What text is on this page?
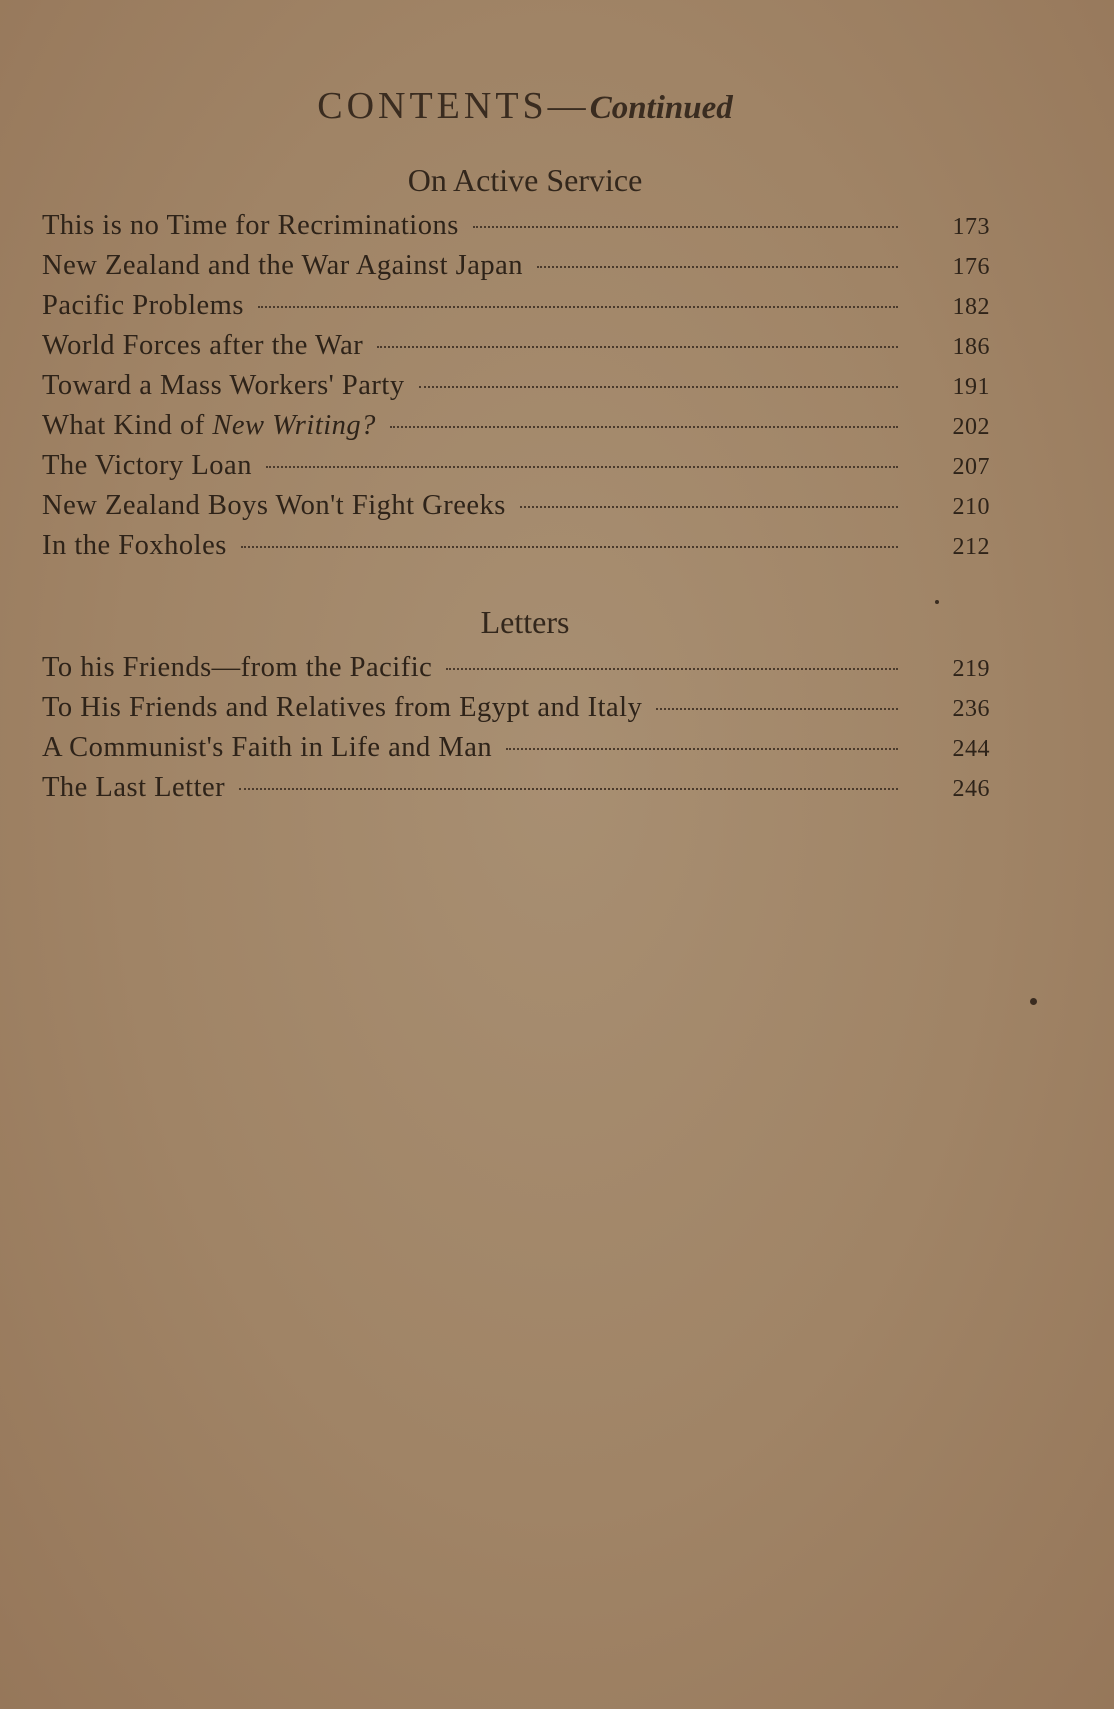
CONTENTS—Continued
On Active Service
This is no Time for Recriminations	173
New Zealand and the War Against Japan	176
Pacific Problems	182
World Forces after the War	186
Toward a Mass Workers' Party	191
What Kind of New Writing?	202
The Victory Loan	207
New Zealand Boys Won't Fight Greeks	210
In the Foxholes	212
Letters
To his Friends—from the Pacific	219
To His Friends and Relatives from Egypt and Italy	236
A Communist's Faith in Life and Man	244
The Last Letter	246
